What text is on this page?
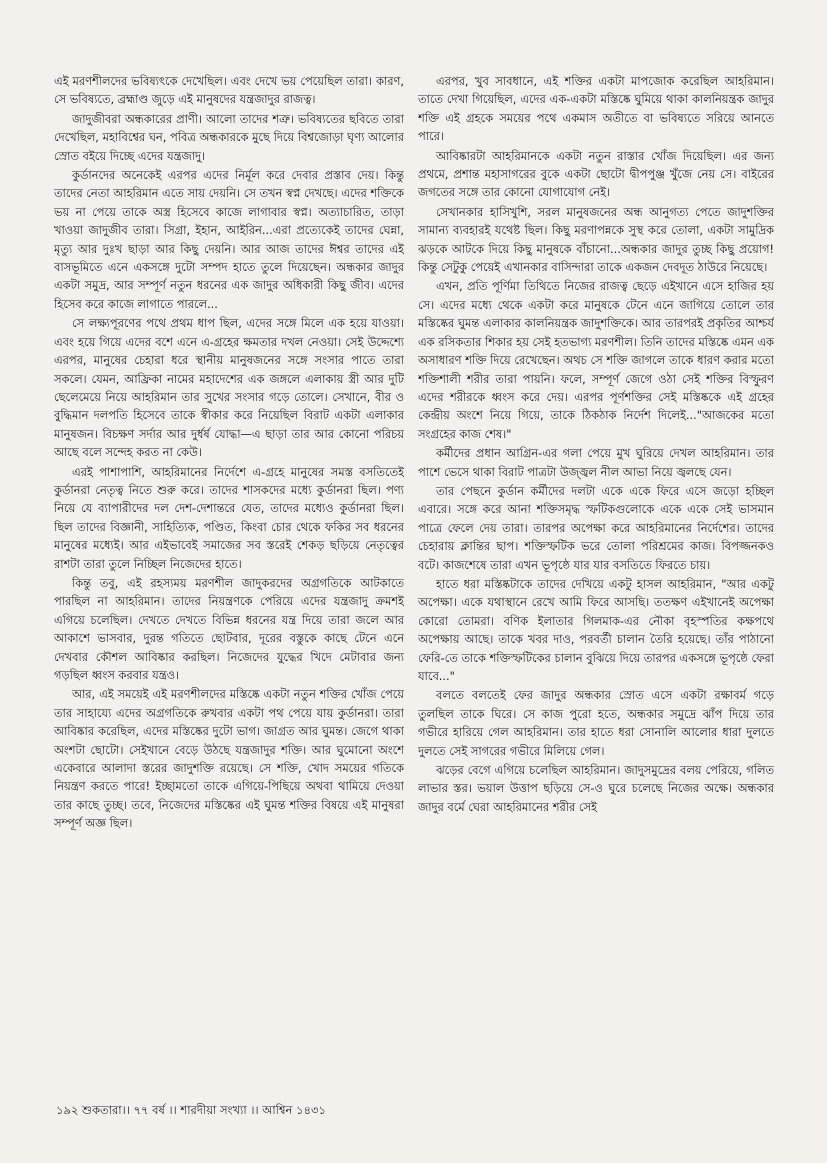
এই মরণশীলদের ভবিষ্যৎকে দেখেছিল। এবং দেখে ভয় পেয়েছিল তারা। কারণ, সে ভবিষ্যতে, ব্রহ্মাণ্ড জুড়ে এই মানুষদের যন্ত্রজাদুর রাজত্ব।

জাদুজীবরা অন্ধকারের প্রাণী। আলো তাদের শত্রু। ভবিষ্যতের ছবিতে তারা দেখেছিল, মহাবিশ্বের ঘন, পবিত্র অন্ধকারকে মুছে দিয়ে বিশ্বজোড়া ঘৃণ্য আলোর স্রোত বইয়ে দিচ্ছে এদের যন্ত্রজাদু।

কুর্ডানদের অনেকেই এরপর এদের নির্মূল করে দেবার প্রস্তাব দেয়। কিন্তু তাদের নেতা আহরিমান এতে সায় দেয়নি। সে তখন স্বপ্ন দেখছে। এদের শক্তিকে ভয় না পেয়ে তাকে অস্ত্র হিসেবে কাজে লাগাবার স্বপ্ন। অত্যাচারিত, তাড়া খাওয়া জাদুজীব তারা। সিগ্রা, ইহান, আইরিন...এরা প্রত্যেকেই তাদের ঘেন্না, মৃত্যু আর দুঃখ ছাড়া আর কিছু দেয়নি। আর আজ তাদের ঈশ্বর তাদের এই বাসভূমিতে এনে একসঙ্গে দুটো সম্পদ হাতে তুলে দিয়েছেন। অন্ধকার জাদুর একটা সমুদ্র, আর সম্পূর্ণ নতুন ধরনের এক জাদুর অধিকারী কিছু জীব। এদের হিসেব করে কাজে লাগাতে পারলে...

সে লক্ষ্যপূরণের পথে প্রথম ধাপ ছিল, এদের সঙ্গে মিলে এক হয়ে যাওয়া। এবং হয়ে গিয়ে এদের বশে এনে এ-গ্রহের ক্ষমতার দখল নেওয়া। সেই উদ্দেশ্যে এরপর, মানুষের চেহারা ধরে স্থানীয় মানুষজনের সঙ্গে সংসার পাতে তারা সকলে। যেমন, আফ্রিকা নামের মহাদেশের এক জঙ্গলে এলাকায় স্ত্রী আর দুটি ছেলেমেয়ে নিয়ে আহরিমান তার সুখের সংসার গড়ে তোলে। সেখানে, বীর ও বুদ্ধিমান দলপতি হিসেবে তাকে স্বীকার করে নিয়েছিল বিরাট একটা এলাকার মানুষজন। বিচক্ষণ সর্দার আর দুর্ধর্ষ যোদ্ধা—এ ছাড়া তার আর কোনো পরিচয় আছে বলে সন্দেহ করত না কেউ।

এরই পাশাপাশি, আহরিমানের নির্দেশে এ-গ্রহে মানুষের সমস্ত বসতিতেই কুর্ডানরা নেতৃত্ব নিতে শুরু করে। তাদের শাসকদের মধ্যে কুর্ডানরা ছিল। পণ্য নিয়ে যে ব্যাপারীদের দল দেশ-দেশান্তরে যেত, তাদের মধ্যেও কুর্ডানরা ছিল। ছিল তাদের বিজ্ঞানী, সাহিত্যিক, পণ্ডিত, কিংবা চোর থেকে ফকির সব ধরনের মানুষের মধ্যেই। আর এইভাবেই সমাজের সব স্তরেই শেকড় ছড়িয়ে নেতৃত্বের রাশটা তারা তুলে নিচ্ছিল নিজেদের হাতে।

কিন্তু তবু, এই রহস্যময় মরণশীল জাদুকরদের অগ্রগতিকে আটকাতে পারছিল না আহরিমান। তাদের নিয়ন্ত্রণকে পেরিয়ে এদের যন্ত্রজাদু ক্রমশই এগিয়ে চলেছিল। দেখতে দেখতে বিভিন্ন ধরনের যন্ত্র দিয়ে তারা জলে আর আকাশে ভাসবার, দুরন্ত গতিতে ছোটবার, দূরের বস্তুকে কাছে টেনে এনে দেখবার কৌশল আবিষ্কার করছিল। নিজেদের যুদ্ধের খিদে মেটাবার জন্য গড়ছিল ধ্বংস করবার যন্ত্রও।

আর, এই সময়েই এই মরণশীলদের মস্তিষ্কে একটা নতুন শক্তির খোঁজ পেয়ে তার সাহায্যে এদের অগ্রগতিকে রুখবার একটা পথ পেয়ে যায় কুর্ডানরা। তারা আবিষ্কার করেছিল, এদের মস্তিষ্কের দুটো ভাগ। জাগ্রত আর ঘুমন্ত। জেগে থাকা অংশটা ছোটো। সেইখানে বেড়ে উঠছে যন্ত্রজাদুর শক্তি। আর ঘুমোনো অংশে একেবারে আলাদা স্তরের জাদুশক্তি রয়েছে। সে শক্তি, খোদ সময়ের গতিকে নিয়ন্ত্রণ করতে পারে! ইচ্ছামতো তাকে এগিয়ে-পিছিয়ে অথবা থামিয়ে দেওয়া তার কাছে তুচ্ছ। তবে, নিজেদের মস্তিষ্কের এই ঘুমন্ত শক্তির বিষয়ে এই মানুষরা সম্পূর্ণ অজ্ঞ ছিল।

এরপর, খুব সাবধানে, এই শক্তির একটা মাপজোক করেছিল আহরিমান। তাতে দেখা গিয়েছিল, এদের এক-একটা মস্তিষ্কে ঘুমিয়ে থাকা কালনিয়ন্ত্রক জাদুর শক্তি এই গ্রহকে সময়ের পথে একমাস অতীতে বা ভবিষ্যতে সরিয়ে আনতে পারে।

আবিষ্কারটা আহরিমানকে একটা নতুন রাস্তার খোঁজ দিয়েছিল। এর জন্য প্রথমে, প্রশান্ত মহাসাগরের বুকে একটা ছোটো দ্বীপপুঞ্জ খুঁজে নেয় সে। বাইরের জগতের সঙ্গে তার কোনো যোগাযোগ নেই।

সেখানকার হাসিখুশি, সরল মানুষজনের অন্ধ আনুগত্য পেতে জাদুশক্তির সামান্য ব্যবহারই যথেষ্ট ছিল। কিছু মরণাপন্নকে সুস্থ করে তোলা, একটা সামুদ্রিক ঝড়কে আটকে দিয়ে কিছু মানুষকে বাঁচানো...অন্ধকার জাদুর তুচ্ছ কিছু প্রয়োগ! কিন্তু সেটুকু পেয়েই এখানকার বাসিন্দারা তাকে একজন দেবদূত ঠাউরে নিয়েছে।

এখন, প্রতি পূর্ণিমা তিথিতে নিজের রাজত্ব ছেড়ে এইখানে এসে হাজির হয় সে। এদের মধ্যে থেকে একটা করে মানুষকে টেনে এনে জাগিয়ে তোলে তার মস্তিষ্কের ঘুমন্ত এলাকার কালনিয়ন্ত্রক জাদুশক্তিকে। আর তারপরই প্রকৃতির আশ্চর্য এক রসিকতার শিকার হয় সেই হতভাগ্য মরণশীল। তিনি তাদের মস্তিষ্কে এমন এক অসাধারণ শক্তি দিয়ে রেখেছেন। অথচ সে শক্তি জাগলে তাকে ধারণ করার মতো শক্তিশালী শরীর তারা পায়নি। ফলে, সম্পূর্ণ জেগে ওঠা সেই শক্তির বিস্ফুরণ এদের শরীরকে ধ্বংস করে দেয়। এরপর পূর্ণশক্তির সেই মস্তিষ্ককে এই গ্রহের কেন্দ্রীয় অংশে নিয়ে গিয়ে, তাকে ঠিকঠাক নির্দেশ দিলেই..."আজকের মতো সংগ্রহের কাজ শেষ।"

কর্মীদের প্রধান আগ্রিন-এর গলা পেয়ে মুখ ঘুরিয়ে দেখল আহরিমান। তার পাশে ভেসে থাকা বিরাট পাত্রটা উজ্জ্বল নীল আভা নিয়ে জ্বলছে যেন।

তার পেছনে কুর্ডান কর্মীদের দলটা একে একে ফিরে এসে জড়ো হচ্ছিল এবারে। সঙ্গে করে আনা শক্তিসমৃদ্ধ স্ফটিকগুলোকে একে একে সেই ভাসমান পাত্রে ফেলে দেয় তারা। তারপর অপেক্ষা করে আহরিমানের নির্দেশের। তাদের চেহারায় ক্লান্তির ছাপ। শক্তিস্ফটিক ভরে তোলা পরিশ্রমের কাজ। বিপজ্জনকও বটে। কাজশেষে তারা এখন ভূপৃষ্ঠে যার যার বসতিতে ফিরতে চায়।

হাতে ধরা মস্তিষ্কটাকে তাদের দেখিয়ে একটু হাসল আহরিমান, "আর একটু অপেক্ষা। একে যথাস্থানে রেখে আমি ফিরে আসছি। ততক্ষণ এইখানেই অপেক্ষা কোরো তোমরা। বণিক ইলাতার গিলমাক-এর নৌকা বৃহস্পতির কক্ষপথে অপেক্ষায় আছে। তাকে খবর দাও, পরবর্তী চালান তৈরি হয়েছে। তাঁর পাঠানো ফেরি-তে তাকে শক্তিস্ফটিকের চালান বুঝিয়ে দিয়ে তারপর একসঙ্গে ভূপৃষ্ঠে ফেরা যাবে..."

বলতে বলতেই ফের জাদুর অন্ধকার স্রোত এসে একটা রক্ষাবর্ম গড়ে তুলছিল তাকে ঘিরে। সে কাজ পুরো হতে, অন্ধকার সমুদ্রে ঝাঁপ দিয়ে তার গভীরে হারিয়ে গেল আহরিমান। তার হাতে ধরা সোনালি আলোর ধারা দুলতে দুলতে সেই সাগরের গভীরে মিলিয়ে গেল।

ঝড়ের বেগে এগিয়ে চলেছিল আহরিমান। জাদুসমুদ্রের বলয় পেরিয়ে, গলিত লাভার স্তর। ভয়াল উত্তাপ ছড়িয়ে সে-ও ঘুরে চলেছে নিজের অক্ষে। অন্ধকার জাদুর বর্মে ঘেরা আহরিমানের শরীর সেই

১৯২ শুকতারা।। ৭৭ বর্ষ ।। শারদীয়া সংখ্যা ।। আশ্বিন ১৪৩১
